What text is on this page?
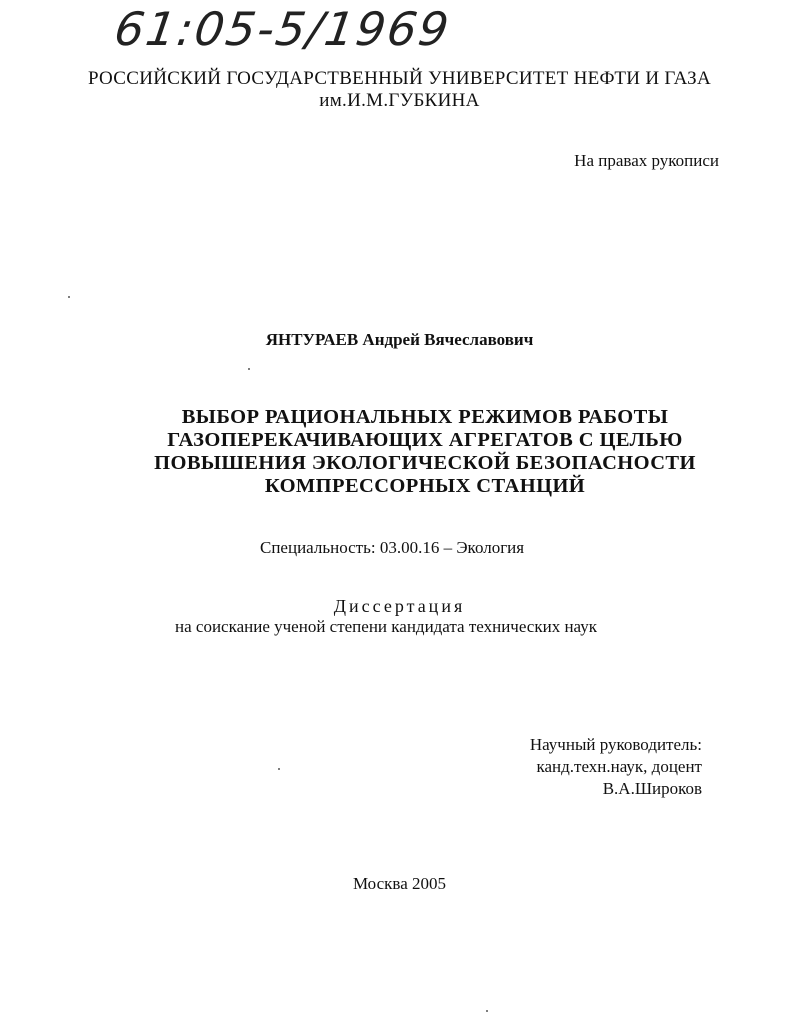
61:05-5/1969
РОССИЙСКИЙ ГОСУДАРСТВЕННЫЙ УНИВЕРСИТЕТ НЕФТИ И ГАЗА
им.И.М.ГУБКИНА
На правах рукописи
ЯНТУРАЕВ Андрей Вячеславович
ВЫБОР РАЦИОНАЛЬНЫХ РЕЖИМОВ РАБОТЫ
ГАЗОПЕРЕКАЧИВАЮЩИХ АГРЕГАТОВ С ЦЕЛЬЮ
ПОВЫШЕНИЯ ЭКОЛОГИЧЕСКОЙ БЕЗОПАСНОСТИ
КОМПРЕССОРНЫХ СТАНЦИЙ
Специальность: 03.00.16 – Экология
Диссертация
на соискание ученой степени кандидата технических наук
Научный руководитель:
канд.техн.наук, доцент
В.А.Широков
Москва 2005
